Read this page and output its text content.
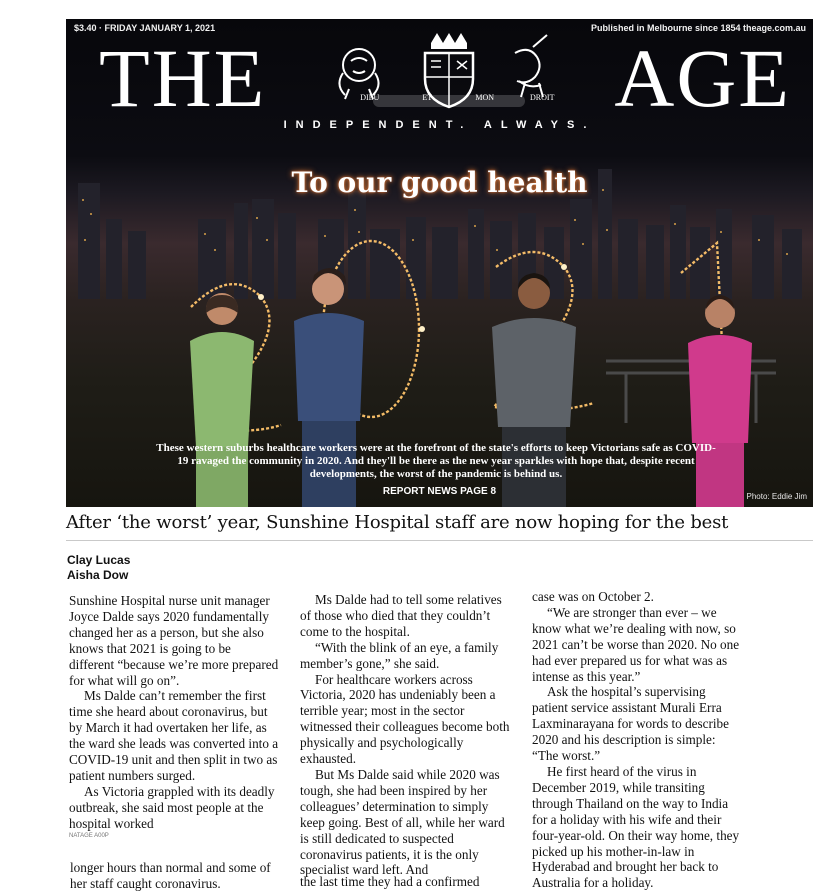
$3.40 · FRIDAY JANUARY 1, 2021	Published in Melbourne since 1854 theage.com.au
THE	AGE
DIEU	ET	MON	DROIT
INDEPENDENT. ALWAYS.
To our good health
These western suburbs healthcare workers were at the forefront of the state's efforts to keep Victorians safe as COVID-19 ravaged the community in 2020. And they'll be there as the new year sparkles with hope that, despite recent developments, the worst of the pandemic is behind us.
REPORT NEWS PAGE 8	Photo: Eddie Jim
After ‘the worst’ year, Sunshine Hospital staff are now hoping for the best
Clay Lucas
Aisha Dow

Sunshine Hospital nurse unit manager Joyce Dalde says 2020 fundamentally changed her as a person, but she also knows that 2021 is going to be different “because we’re more prepared for what will go on”.

Ms Dalde can’t remember the first time she heard about coronavirus, but by March it had overtaken her life, as the ward she leads was converted into a COVID-19 unit and then split in two as patient numbers surged.

As Victoria grappled with its deadly outbreak, she said most people at the hospital worked

NATAGE A00P
longer hours than normal and some of her staff caught coronavirus.

Ms Dalde had to tell some relatives of those who died that they couldn’t come to the hospital.

“With the blink of an eye, a family member’s gone,” she said.

For healthcare workers across Victoria, 2020 has undeniably been a terrible year; most in the sector witnessed their colleagues become both physically and psychologically exhausted.

But Ms Dalde said while 2020 was tough, she had been inspired by her colleagues’ determination to simply keep going. Best of all, while her ward is still dedicated to suspected coronavirus patients, it is the only specialist ward left. And

the last time they had a confirmed

case was on October 2.

“We are stronger than ever – we know what we’re dealing with now, so 2021 can’t be worse than 2020. No one had ever prepared us for what was as intense as this year.”

Ask the hospital’s supervising patient service assistant Murali Erra Laxminarayana for words to describe 2020 and his description is simple: “The worst.”

He first heard of the virus in December 2019, while transiting through Thailand on the way to India for a holiday with his wife and their four-year-old. On their way home, they picked up his mother-in-law in Hyderabad and brought her back to Australia for a holiday.
